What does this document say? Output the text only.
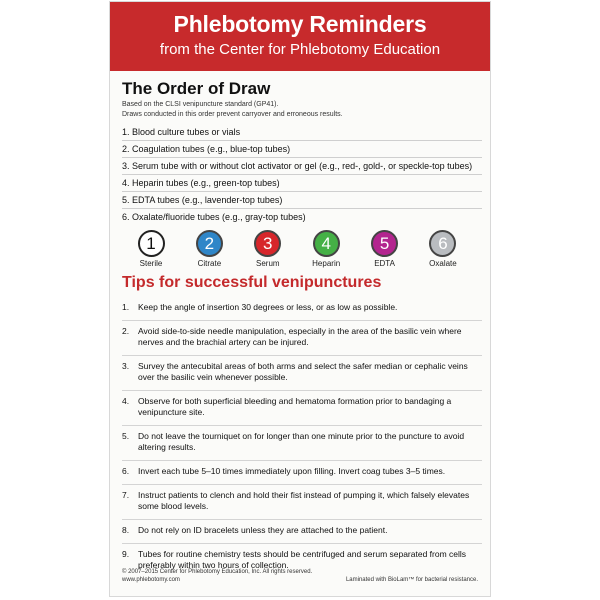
Phlebotomy Reminders
from the Center for Phlebotomy Education
The Order of Draw
Based on the CLSI venipuncture standard (GP41).
Draws conducted in this order prevent carryover and erroneous results.
1. Blood culture tubes or vials
2. Coagulation tubes (e.g., blue-top tubes)
3. Serum tube with or without clot activator or gel (e.g., red-, gold-, or speckle-top tubes)
4. Heparin tubes (e.g., green-top tubes)
5. EDTA tubes (e.g., lavender-top tubes)
6. Oxalate/fluoride tubes (e.g., gray-top tubes)
1
Sterile
2
Citrate
3
Serum
4
Heparin
5
EDTA
6
Oxalate
Tips for successful venipunctures
1.	Keep the angle of insertion 30 degrees or less, or as low as possible.
2.	Avoid side-to-side needle manipulation, especially in the area of the basilic vein where nerves and the brachial artery can be injured.
3.	Survey the antecubital areas of both arms and select the safer median or cephalic veins over the basilic vein whenever possible.
4.	Observe for both superficial bleeding and hematoma formation prior to bandaging a venipuncture site.
5.	Do not leave the tourniquet on for longer than one minute prior to the puncture to avoid altering results.
6.	Invert each tube 5–10 times immediately upon filling. Invert coag tubes 3–5 times.
7.	Instruct patients to clench and hold their fist instead of pumping it, which falsely elevates some blood levels.
8.	Do not rely on ID bracelets unless they are attached to the patient.
9.	Tubes for routine chemistry tests should be centrifuged and serum separated from cells preferably within two hours of collection.
© 2007–2015 Center for Phlebotomy Education, Inc. All rights reserved.
www.phlebotomy.com	Laminated with BioLam™ for bacterial resistance.
